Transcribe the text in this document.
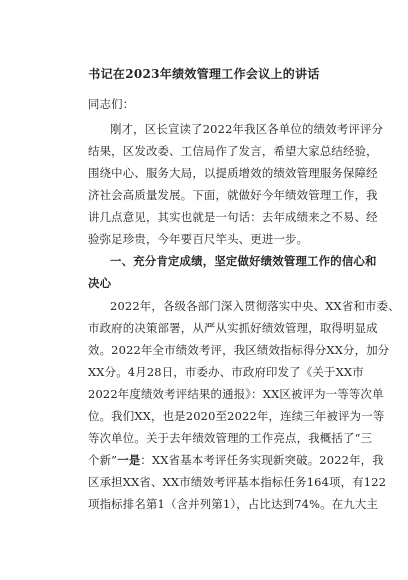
书记在2023年绩效管理工作会议上的讲话
同志们：
刚才，区长宣读了2022年我区各单位的绩效考评评分
结果，区发改委、工信局作了发言，希望大家总结经验，
围绕中心、服务大局，以提质增效的绩效管理服务保障经
济社会高质量发展。下面，就做好今年绩效管理工作，我
讲几点意见，其实也就是一句话：去年成绩来之不易、经
验弥足珍贵，今年要百尺竿头、更进一步。
一、充分肯定成绩，坚定做好绩效管理工作的信心和
决心
2022年，各级各部门深入贯彻落实中央、XX省和市委、
市政府的决策部署，从严从实抓好绩效管理，取得明显成
效。2022年全市绩效考评，我区绩效指标得分XX分，加分
XX分。4月28日，市委办、市政府印发了《关于XX市
2022年度绩效考评结果的通报》：XX区被评为一等等次单
位。我们XX，也是2020至2022年，连续三年被评为一等
等次单位。关于去年绩效管理的工作亮点，我概括了“三
个新”一是：XX省基本考评任务实现新突破。2022年，我
区承担XX省、XX市绩效考评基本指标任务164项，有122
项指标排名第1（含并列第1），占比达到74%。在九大主
